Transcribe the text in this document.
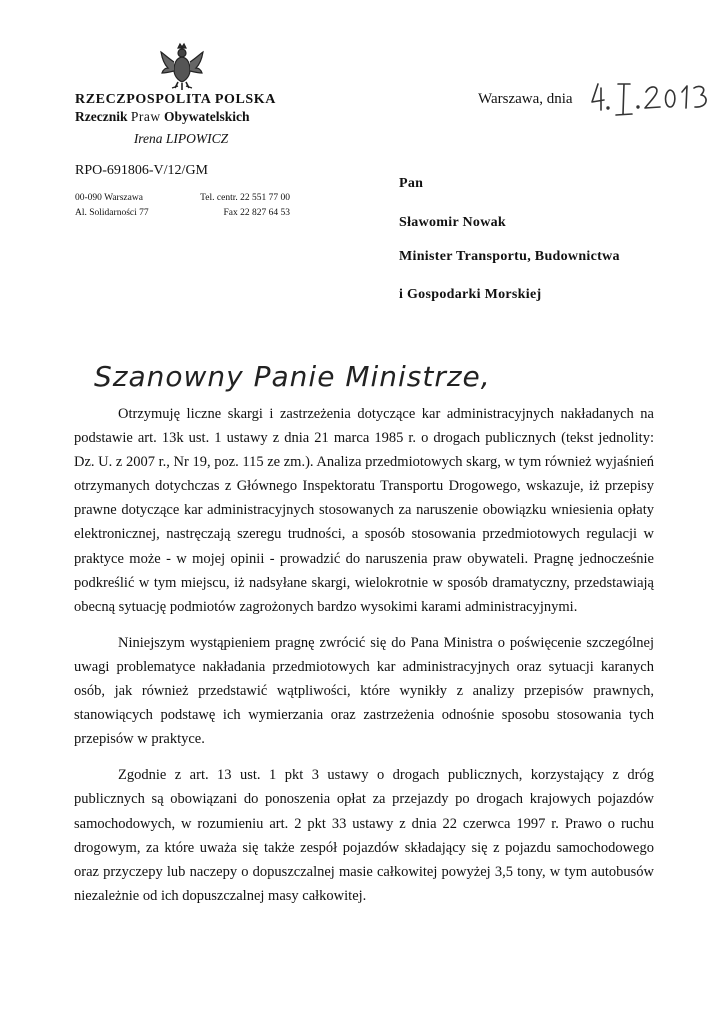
RZECZPOSPOLITA POLSKA
Rzecznik Praw Obywatelskich
Irena LIPOWICZ
RPO-691806-V/12/GM
00-090 Warszawa
Al. Solidarności 77
Tel. centr. 22 551 77 00
Fax 22 827 64 53
Warszawa, dnia
Pan
Sławomir Nowak
Minister Transportu, Budownictwa
i Gospodarki Morskiej
Szanowny Panie Ministrze,

Otrzymuję liczne skargi i zastrzeżenia dotyczące kar administracyjnych nakładanych na podstawie art. 13k ust. 1 ustawy z dnia 21 marca 1985 r. o drogach publicznych (tekst jednolity: Dz. U. z 2007 r., Nr 19, poz. 115 ze zm.). Analiza przedmiotowych skarg, w tym również wyjaśnień otrzymanych dotychczas z Głównego Inspektoratu Transportu Drogowego, wskazuje, iż przepisy prawne dotyczące kar administracyjnych stosowanych za naruszenie obowiązku wniesienia opłaty elektronicznej, nastręczają szeregu trudności, a sposób stosowania przedmiotowych regulacji w praktyce może - w mojej opinii - prowadzić do naruszenia praw obywateli. Pragnę jednocześnie podkreślić w tym miejscu, iż nadsyłane skargi, wielokrotnie w sposób dramatyczny, przedstawiają obecną sytuację podmiotów zagrożonych bardzo wysokimi karami administracyjnymi.

Niniejszym wystąpieniem pragnę zwrócić się do Pana Ministra o poświęcenie szczególnej uwagi problematyce nakładania przedmiotowych kar administracyjnych oraz sytuacji karanych osób, jak również przedstawić wątpliwości, które wynikły z analizy przepisów prawnych, stanowiących podstawę ich wymierzania oraz zastrzeżenia odnośnie sposobu stosowania tych przepisów w praktyce.

Zgodnie z art. 13 ust. 1 pkt 3 ustawy o drogach publicznych, korzystający z dróg publicznych są obowiązani do ponoszenia opłat za przejazdy po drogach krajowych pojazdów samochodowych, w rozumieniu art. 2 pkt 33 ustawy z dnia 22 czerwca 1997 r. Prawo o ruchu drogowym, za które uważa się także zespół pojazdów składający się z pojazdu samochodowego oraz przyczepy lub naczepy o dopuszczalnej masie całkowitej powyżej 3,5 tony, w tym autobusów niezależnie od ich dopuszczalnej masy całkowitej.
